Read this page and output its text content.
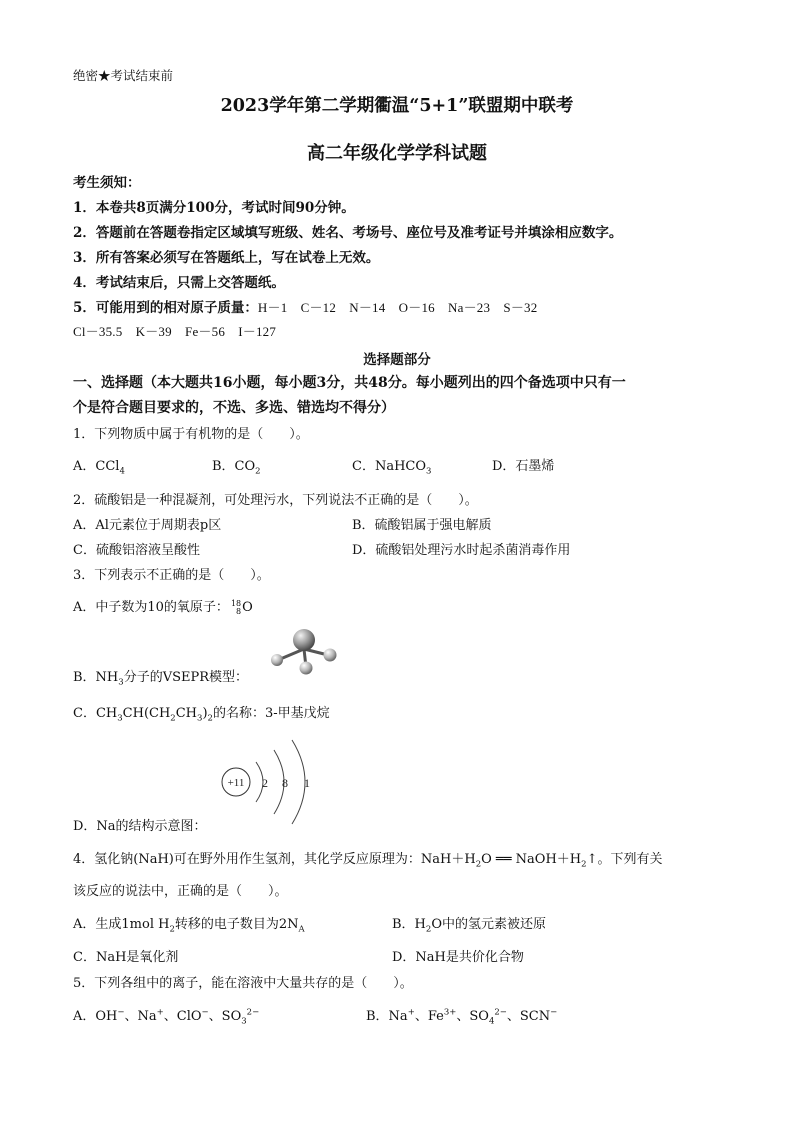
绝密★考试结束前
2023学年第二学期衢温“5+1”联盟期中联考
高二年级化学学科试题
考生须知：
1．本卷共8页满分100分，考试时间90分钟。
2．答题前在答题卷指定区域填写班级、姓名、考场号、座位号及准考证号并填涂相应数字。
3．所有答案必须写在答题纸上，写在试卷上无效。
4．考试结束后，只需上交答题纸。
5．可能用到的相对原子质量：H－1　C－12　N－14　O－16　Na－23　S－32
Cl－35.5　K－39　Fe－56　I－127
选择题部分
一、选择题（本大题共16小题，每小题3分，共48分。每小题列出的四个备选项中只有一
个是符合题目要求的，不选、多选、错选均不得分）
1．下列物质中属于有机物的是（　　）。
A．CCl$_4$	B．$CO_2$	C．NaHCO$_3$	D．石墨烯
2．硫酸铝是一种混凝剂，可处理污水，下列说法不正确的是（　　）。
A．Al元素位于周期表p区	B．硫酸铝属于强电解质
C．硫酸铝溶液呈酸性	D．硫酸铝处理污水时起杀菌消毒作用
3．下列表示不正确的是（　　）。
A．中子数为10的氧原子： 18
8O
B．$NH_3$分子的VSEPR模型：
C．$CH_3CH(CH_2CH_3)_2$的名称：3-甲基戊烷
+11 2 8 1
D．Na的结构示意图：
4．氢化钠(NaH)可在野外用作生氢剂，其化学反应原理为：$NaH+H_2O$ ══ $NaOH+H_2↑$。下列有关
该反应的说法中，正确的是（　　）。
A．生成1mol $H_2$转移的电子数目为$2N_A$	B．$H_2O$中的氢元素被还原
C．NaH是氧化剂	D．NaH是共价化合物
5．下列各组中的离子，能在溶液中大量共存的是（　　）。
A．OH−、Na+、ClO−、$SO_3^{2-}$	B．Na+、$Fe^{3+}$、$SO_4^{2-}$、SCN−
